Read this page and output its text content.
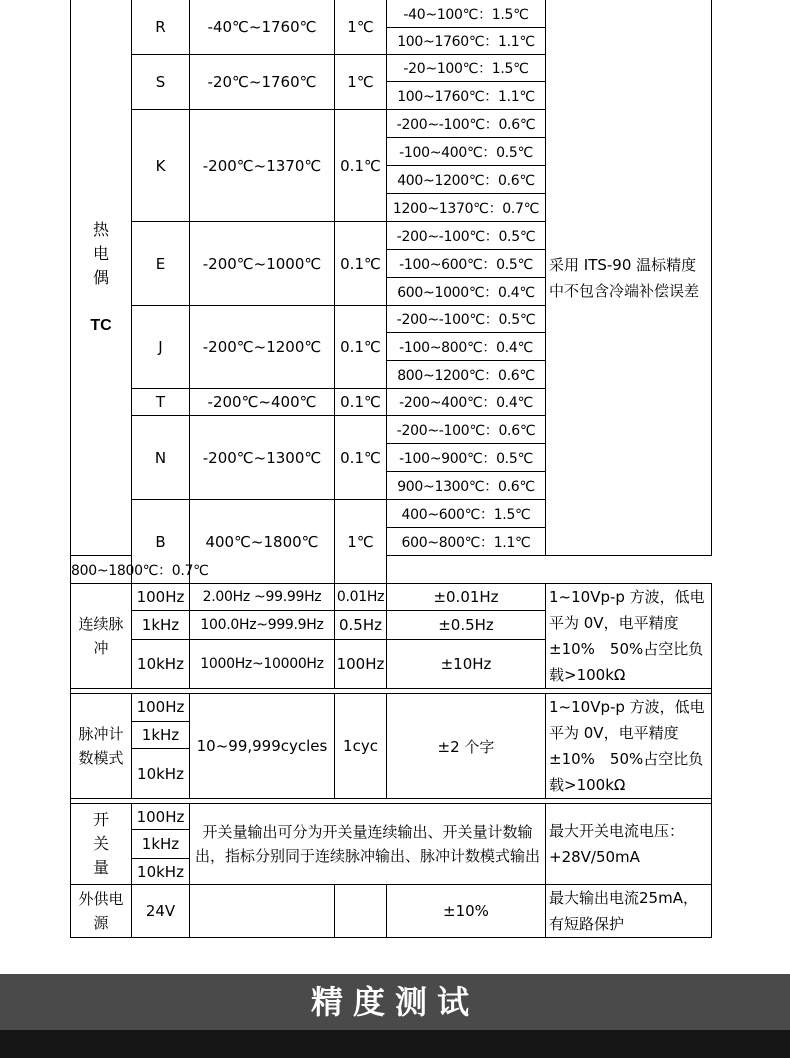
热
电
偶
TC	R	-40℃~1760℃	1℃	-40~100℃：1.5℃	采用 ITS-90 温标精度中不包含冷端补偿误差
				100~1760℃：1.1℃	
	S	-20℃~1760℃	1℃	-20~100℃：1.5℃	
				100~1760℃：1.1℃	
	K	-200℃~1370℃	0.1℃	-200~-100℃：0.6℃	
				-100~400℃：0.5℃	
				400~1200℃：0.6℃	
				1200~1370℃：0.7℃	
	E	-200℃~1000℃	0.1℃	-200~-100℃：0.5℃	
				-100~600℃：0.5℃	
				600~1000℃：0.4℃	
	J	-200℃~1200℃	0.1℃	-200~-100℃：0.5℃	
				-100~800℃：0.4℃	
				800~1200℃：0.6℃	
	T	-200℃~400℃	0.1℃	-200~400℃：0.4℃	
	N	-200℃~1300℃	0.1℃	-200~-100℃：0.6℃	
				-100~900℃：0.5℃	
				900~1300℃：0.6℃	
	B	400℃~1800℃	1℃	400~600℃：1.5℃	
				600~800℃：1.1℃	
800~1800℃：0.7℃					
连续脉冲	100Hz	2.00Hz ~99.99Hz	0.01Hz	±0.01Hz	1~10Vp-p 方波，低电平为 0V，电平精度±10%　50%占空比负载>100kΩ
	1kHz	100.0Hz~999.9Hz	0.5Hz	±0.5Hz	
	10kHz	1000Hz~10000Hz	100Hz	±10Hz	

脉冲计数模式	100Hz	10~99,999cycles	1cyc	±2 个字	1~10Vp-p 方波，低电平为 0V，电平精度±10%　50%占空比负载>100kΩ
	1kHz				
	10kHz				

开
关
量	100Hz	开关量输出可分为开关量连续输出、开关量计数输出，指标分别同于连续脉冲输出、脉冲计数模式输出			最大开关电流电压：+28V/50mA
	1kHz				
	10kHz				
外供电源	24V			±10%	最大输出电流25mA，有短路保护
精度测试
